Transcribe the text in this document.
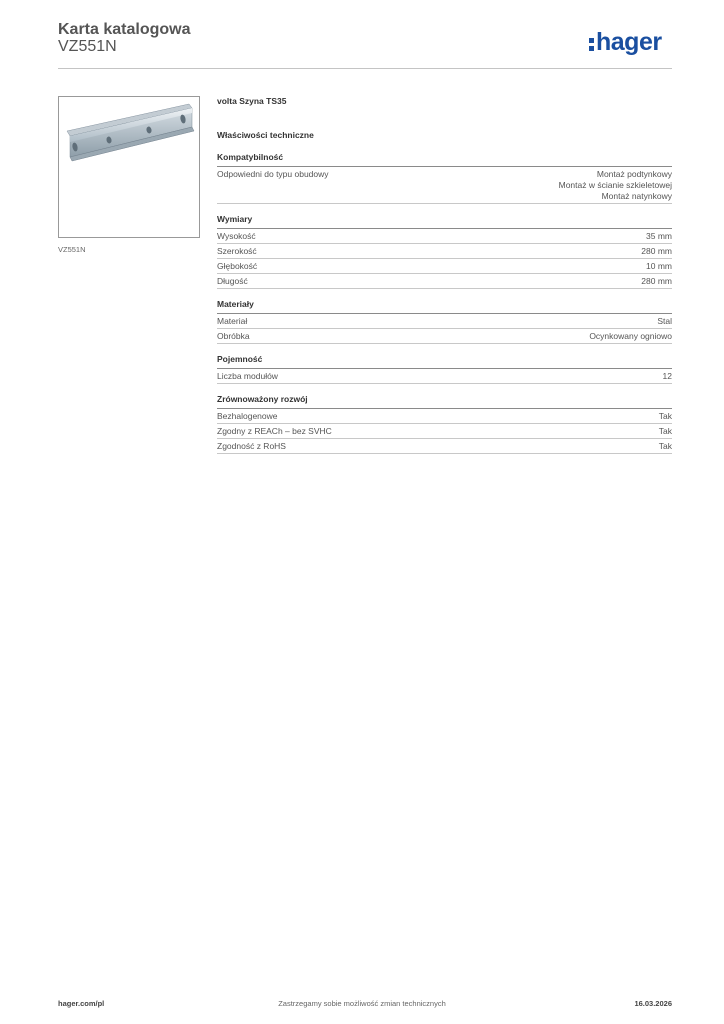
Karta katalogowa
VZ551N	hager
VZ551N
volta Szyna TS35
Właściwości techniczne
Kompatybilność
Odpowiedni do typu obudowy	Montaż podtynkowy
Montaż w ścianie szkieletowej
Montaż natynkowy
Wymiary
Wysokość	35 mm
Szerokość	280 mm
Głębokość	10 mm
Długość	280 mm
Materiały
Materiał	Stal
Obróbka	Ocynkowany ogniowo
Pojemność
Liczba modułów	12
Zrównoważony rozwój
Bezhalogenowe	Tak
Zgodny z REACh – bez SVHC	Tak
Zgodność z RoHS	Tak
hager.com/pl	Zastrzegamy sobie możliwość zmian technicznych	16.03.2026
